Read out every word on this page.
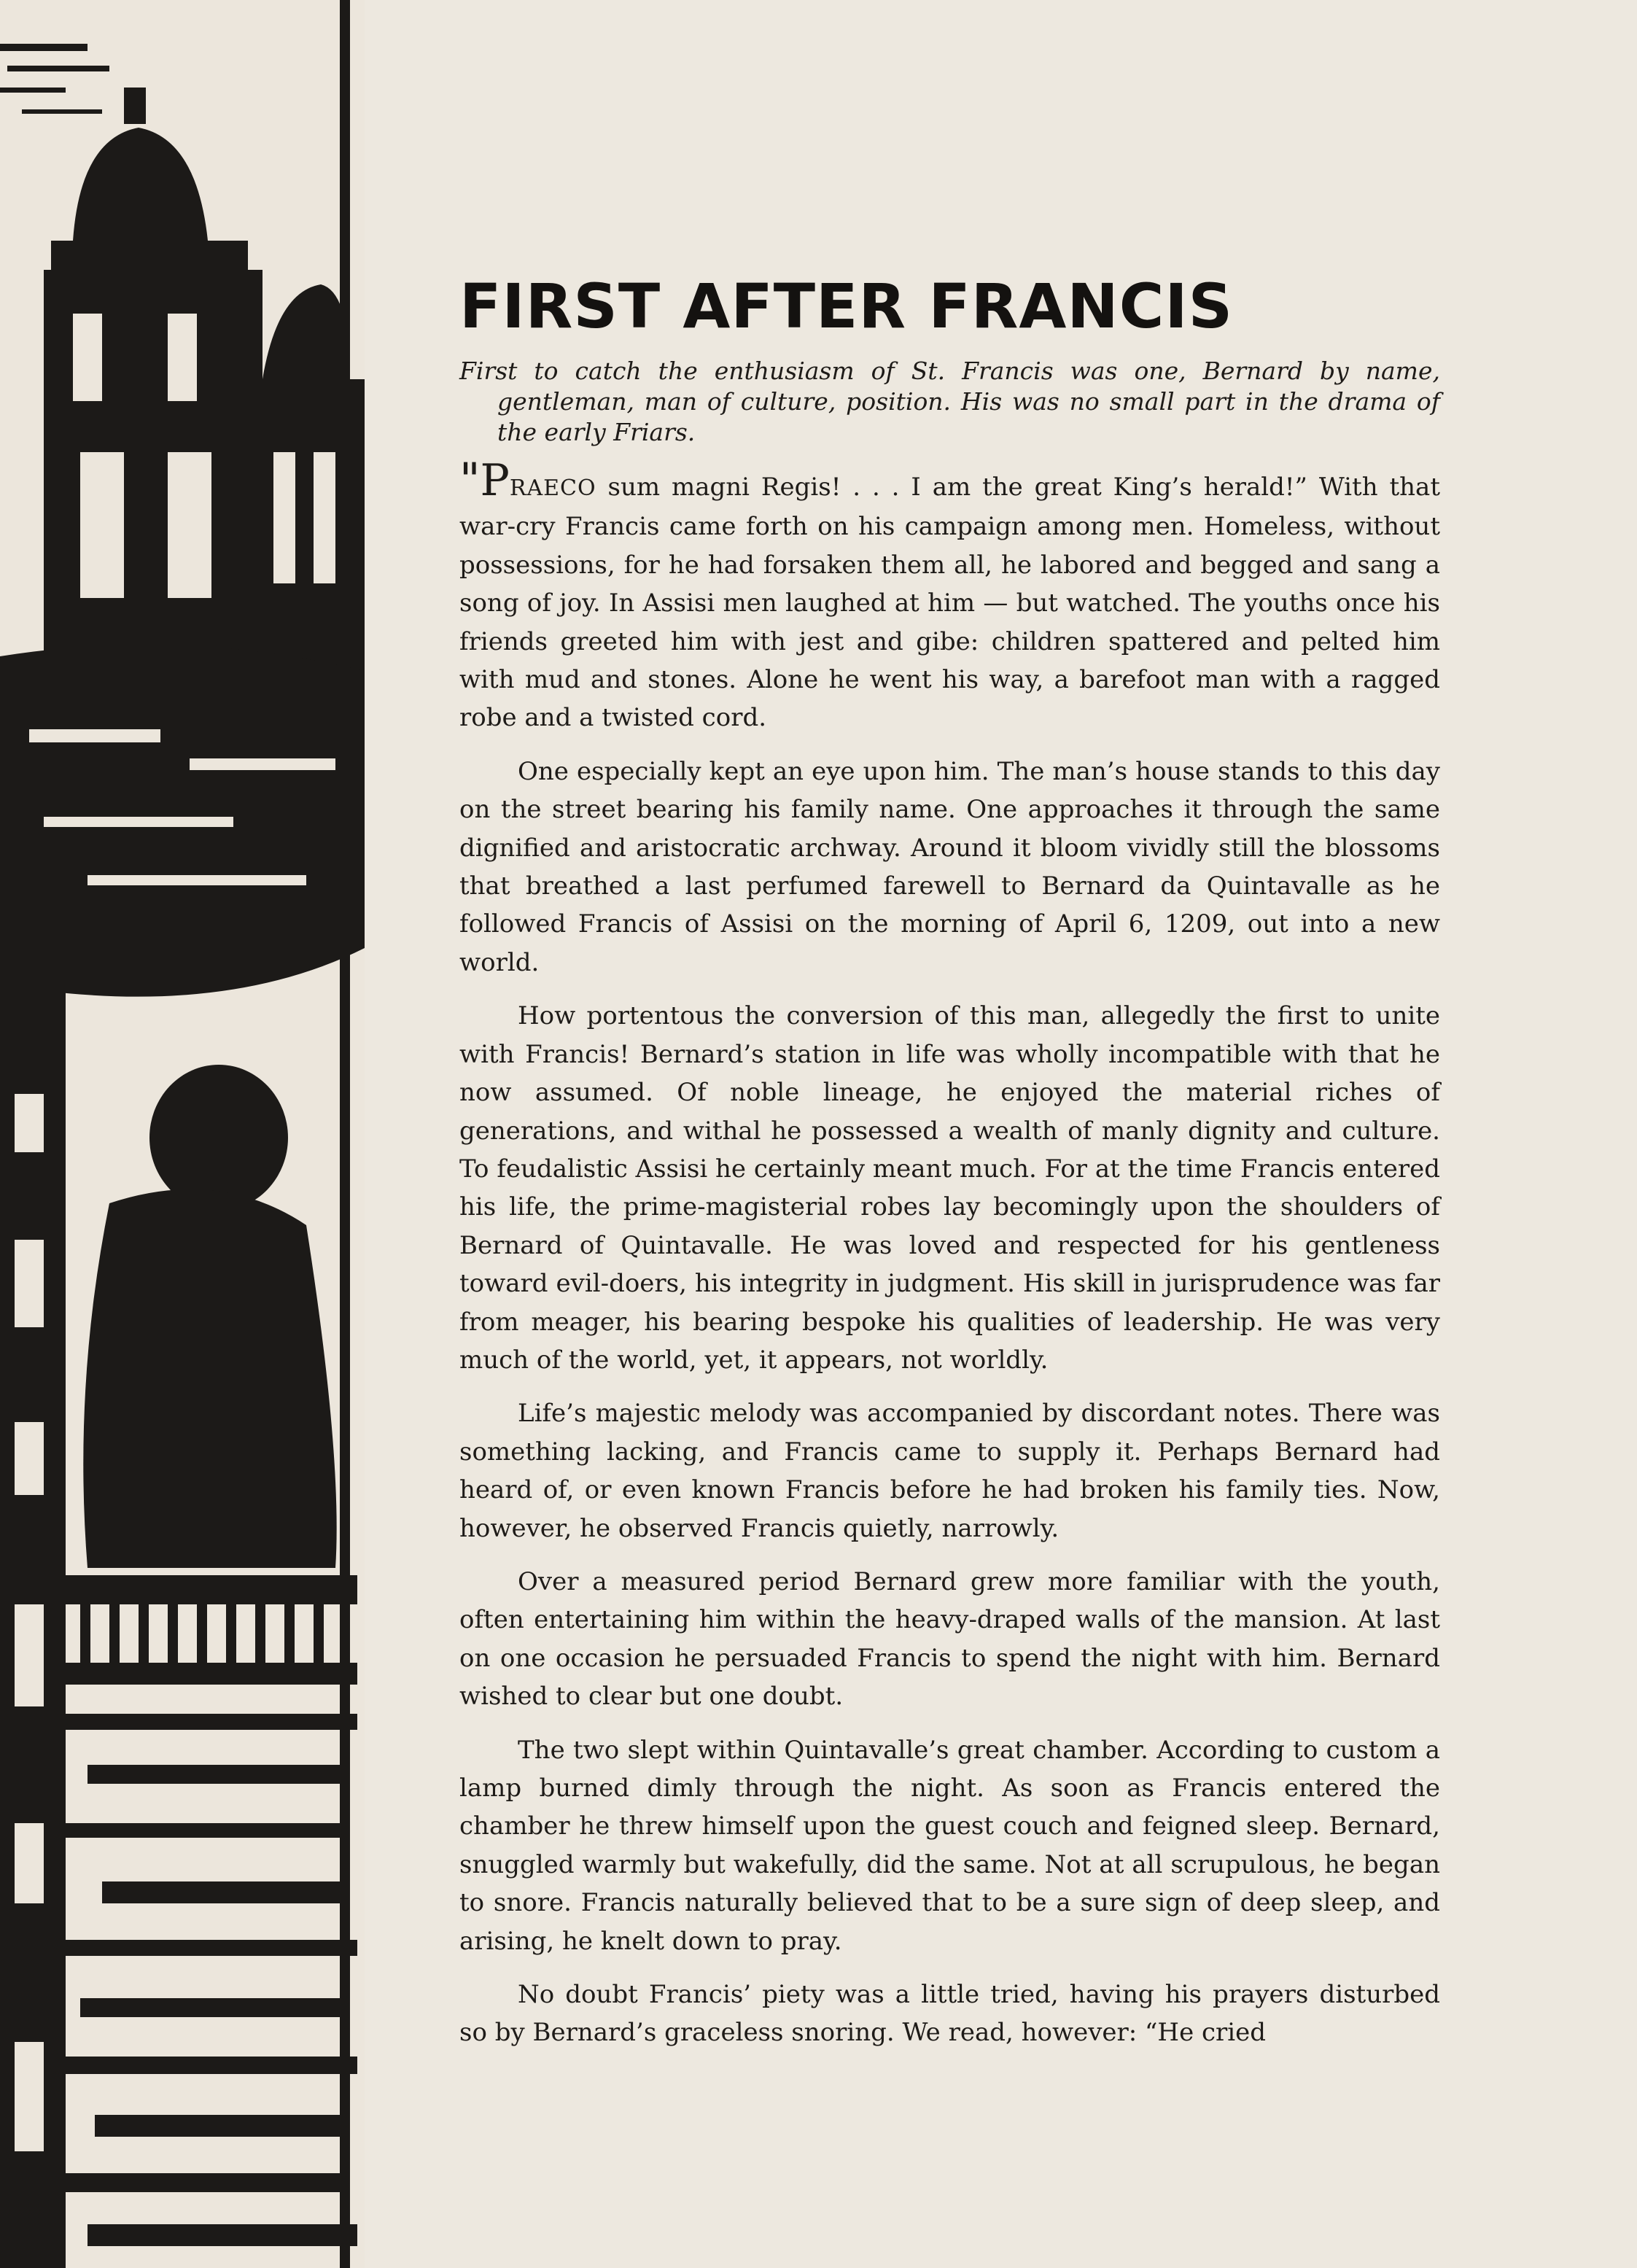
FIRST AFTER FRANCIS

First to catch the enthusiasm of St. Francis was one, Bernard by name, gentleman, man of culture, position. His was no small part in the drama of the early Friars.

"PRAECO sum magni Regis! . . . I am the great King’s herald!” With that war-cry Francis came forth on his campaign among men. Homeless, without possessions, for he had forsaken them all, he labored and begged and sang a song of joy. In Assisi men laughed at him — but watched. The youths once his friends greeted him with jest and gibe: children spattered and pelted him with mud and stones. Alone he went his way, a barefoot man with a ragged robe and a twisted cord.

One especially kept an eye upon him. The man’s house stands to this day on the street bearing his family name. One approaches it through the same dignified and aristocratic archway. Around it bloom vividly still the blossoms that breathed a last perfumed farewell to Bernard da Quintavalle as he followed Francis of Assisi on the morning of April 6, 1209, out into a new world.

How portentous the conversion of this man, allegedly the first to unite with Francis! Bernard’s station in life was wholly incompatible with that he now assumed. Of noble lineage, he enjoyed the material riches of generations, and withal he possessed a wealth of manly dignity and culture. To feudalistic Assisi he certainly meant much. For at the time Francis entered his life, the prime-magisterial robes lay becomingly upon the shoulders of Bernard of Quintavalle. He was loved and respected for his gentleness toward evil-doers, his integrity in judgment. His skill in jurisprudence was far from meager, his bearing bespoke his qualities of leadership. He was very much of the world, yet, it appears, not worldly.

Life’s majestic melody was accompanied by discordant notes. There was something lacking, and Francis came to supply it. Perhaps Bernard had heard of, or even known Francis before he had broken his family ties. Now, however, he observed Francis quietly, narrowly.

Over a measured period Bernard grew more familiar with the youth, often entertaining him within the heavy-draped walls of the mansion. At last on one occasion he persuaded Francis to spend the night with him. Bernard wished to clear but one doubt.

The two slept within Quintavalle’s great chamber. According to custom a lamp burned dimly through the night. As soon as Francis entered the chamber he threw himself upon the guest couch and feigned sleep. Bernard, snuggled warmly but wakefully, did the same. Not at all scrupulous, he began to snore. Francis naturally believed that to be a sure sign of deep sleep, and arising, he knelt down to pray.

No doubt Francis’ piety was a little tried, having his prayers disturbed so by Bernard’s graceless snoring. We read, however: “He cried
